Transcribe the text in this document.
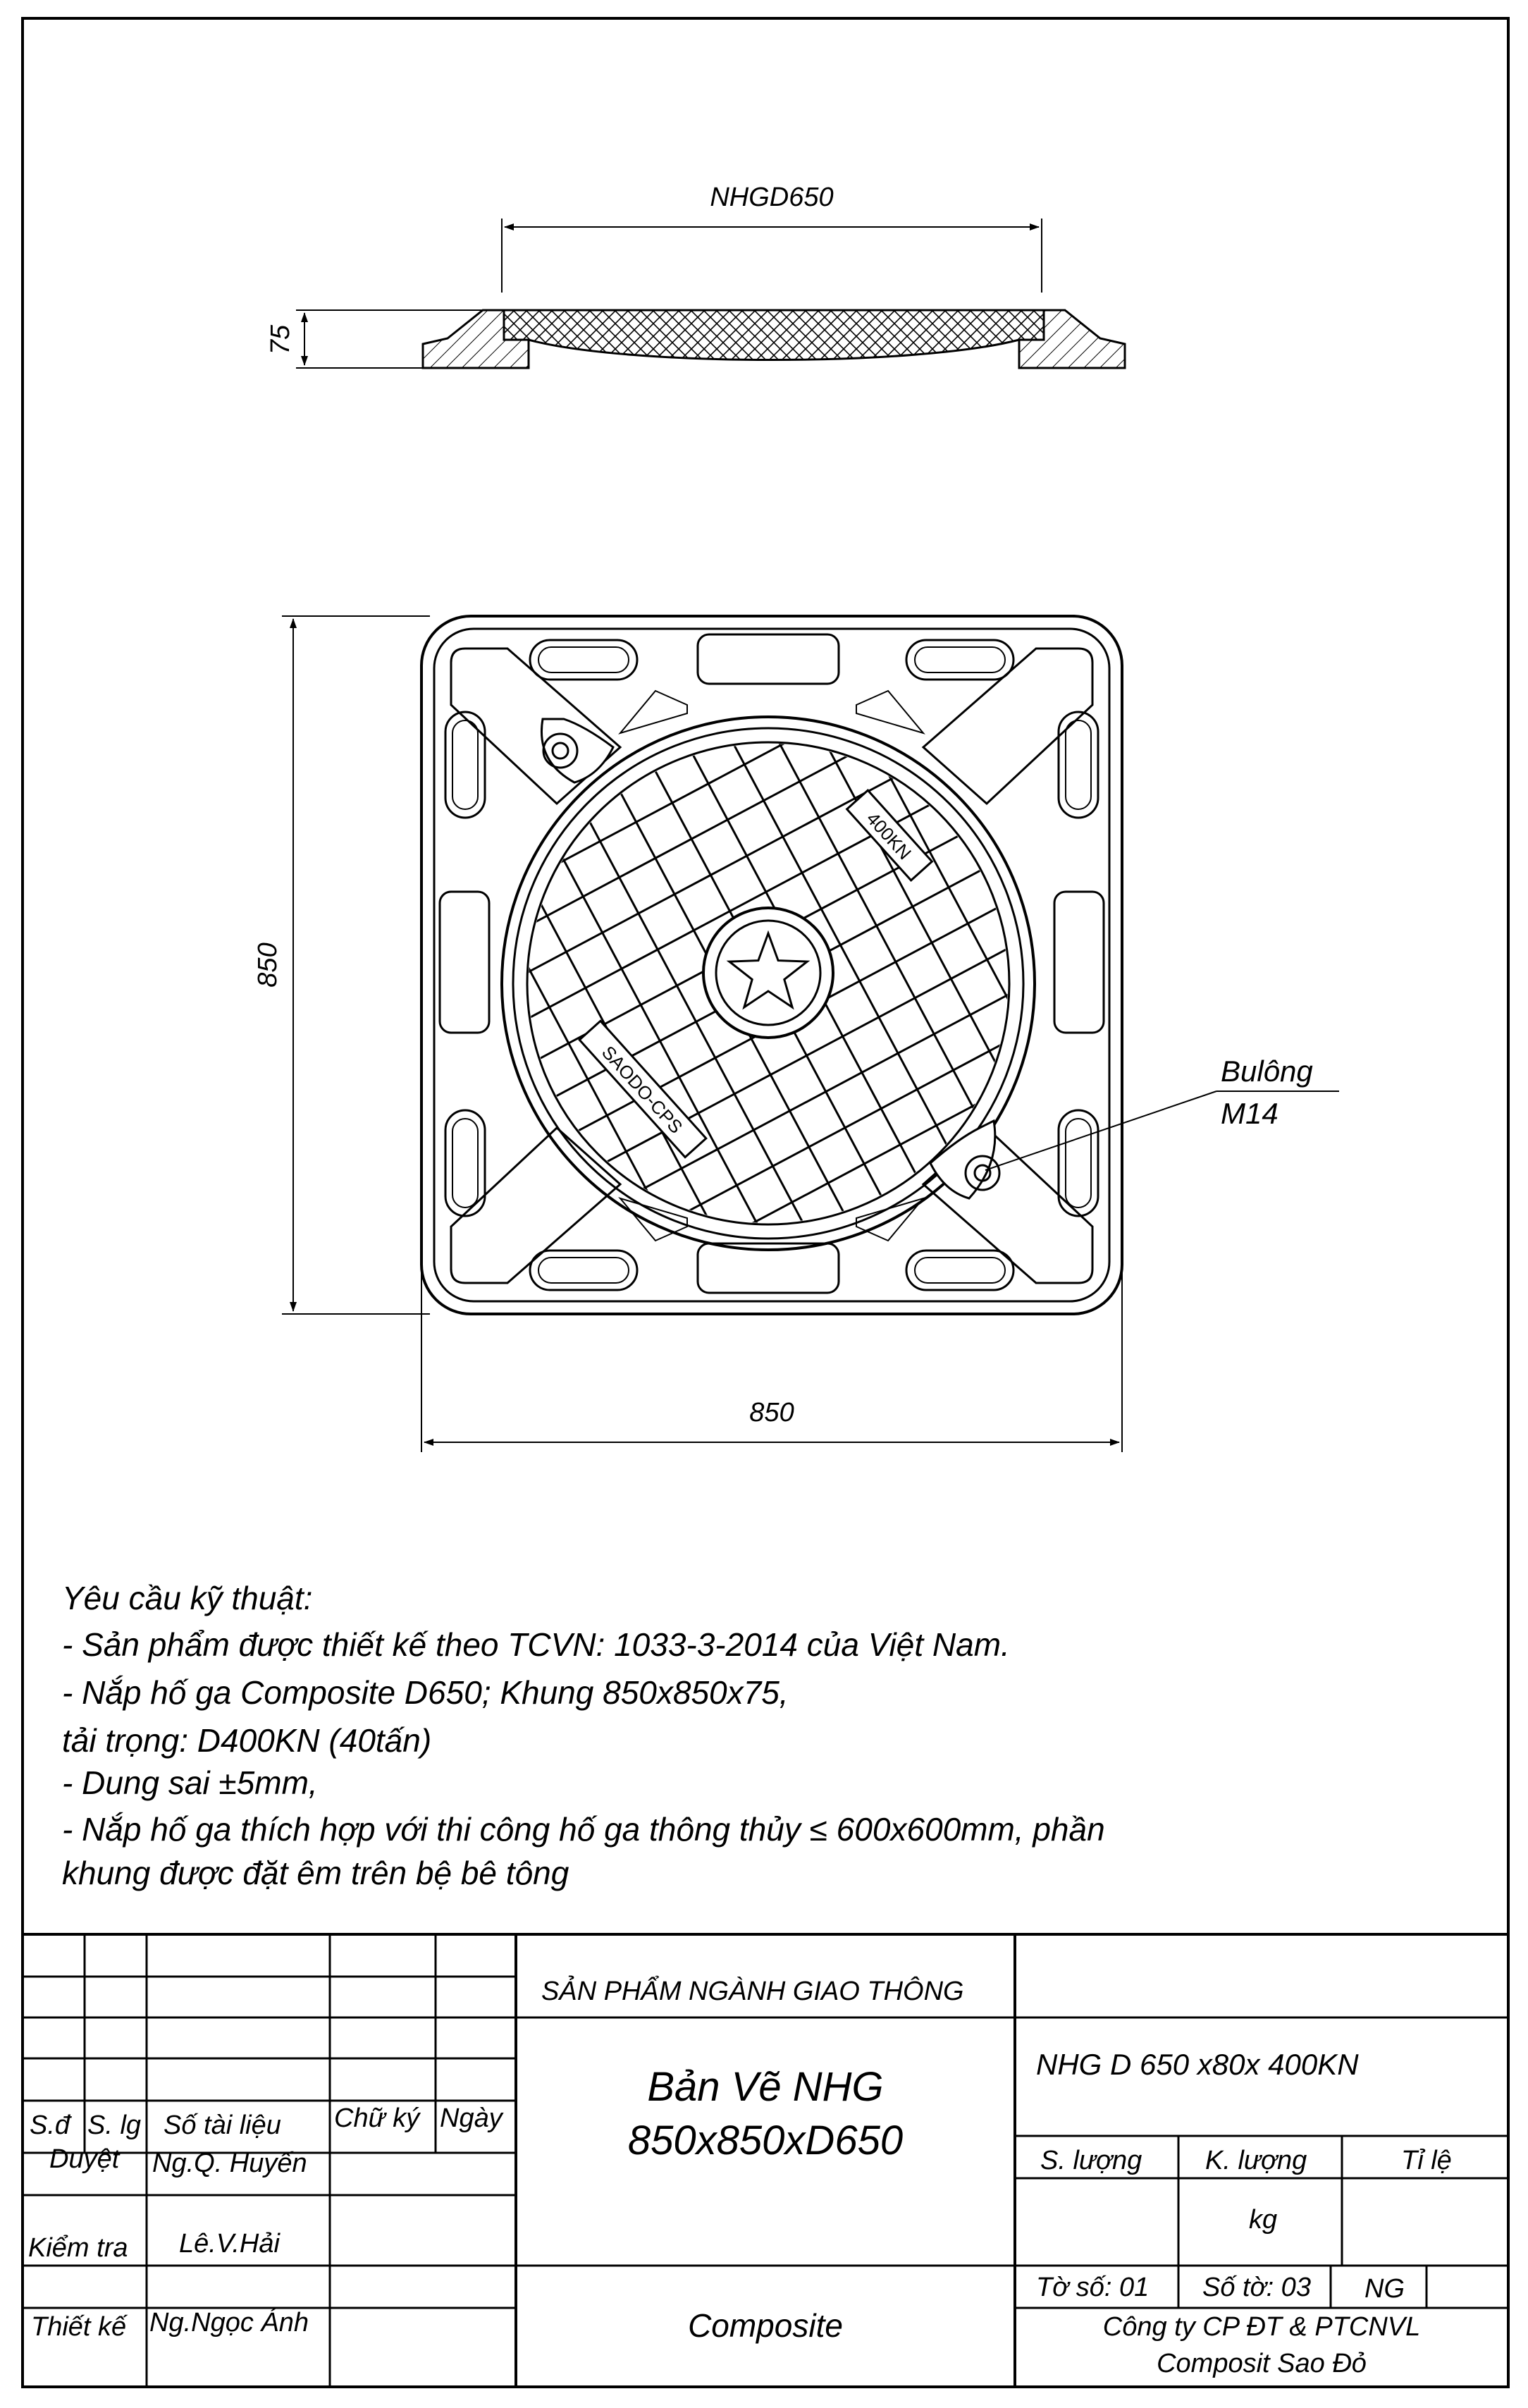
NHGD650
75
400KN
SAODO-CPS	Bulông
M14
850
850
Yêu cầu kỹ thuật:
- Sản phẩm được thiết kế theo TCVN: 1033-3-2014 của Việt Nam.
- Nắp hố ga Composite D650; Khung 850x850x75,
tải trọng: D400KN (40tấn)
- Dung sai ±5mm,
- Nắp hố ga thích hợp với thi công hố ga thông thủy ≤ 600x600mm, phần
khung được đặt êm trên bệ bê tông
S.đ S. lg Số tài liệu Chữ ký Ngày
Duyệt Ng.Q. Huyến
Kiểm tra Lê.V.Hải
Thiết kế Ng.Ngọc Ánh
SẢN PHẨM NGÀNH GIAO THÔNG
Bản Vẽ NHG
850x850xD650
Composite
NHG D 650 x80x 400KN
S. lượng K. lượng	Tỉ lệ
kg
Tờ số: 01 Số tờ: 03 NG
Công ty CP ĐT & PTCNVL
Composit Sao Đỏ
